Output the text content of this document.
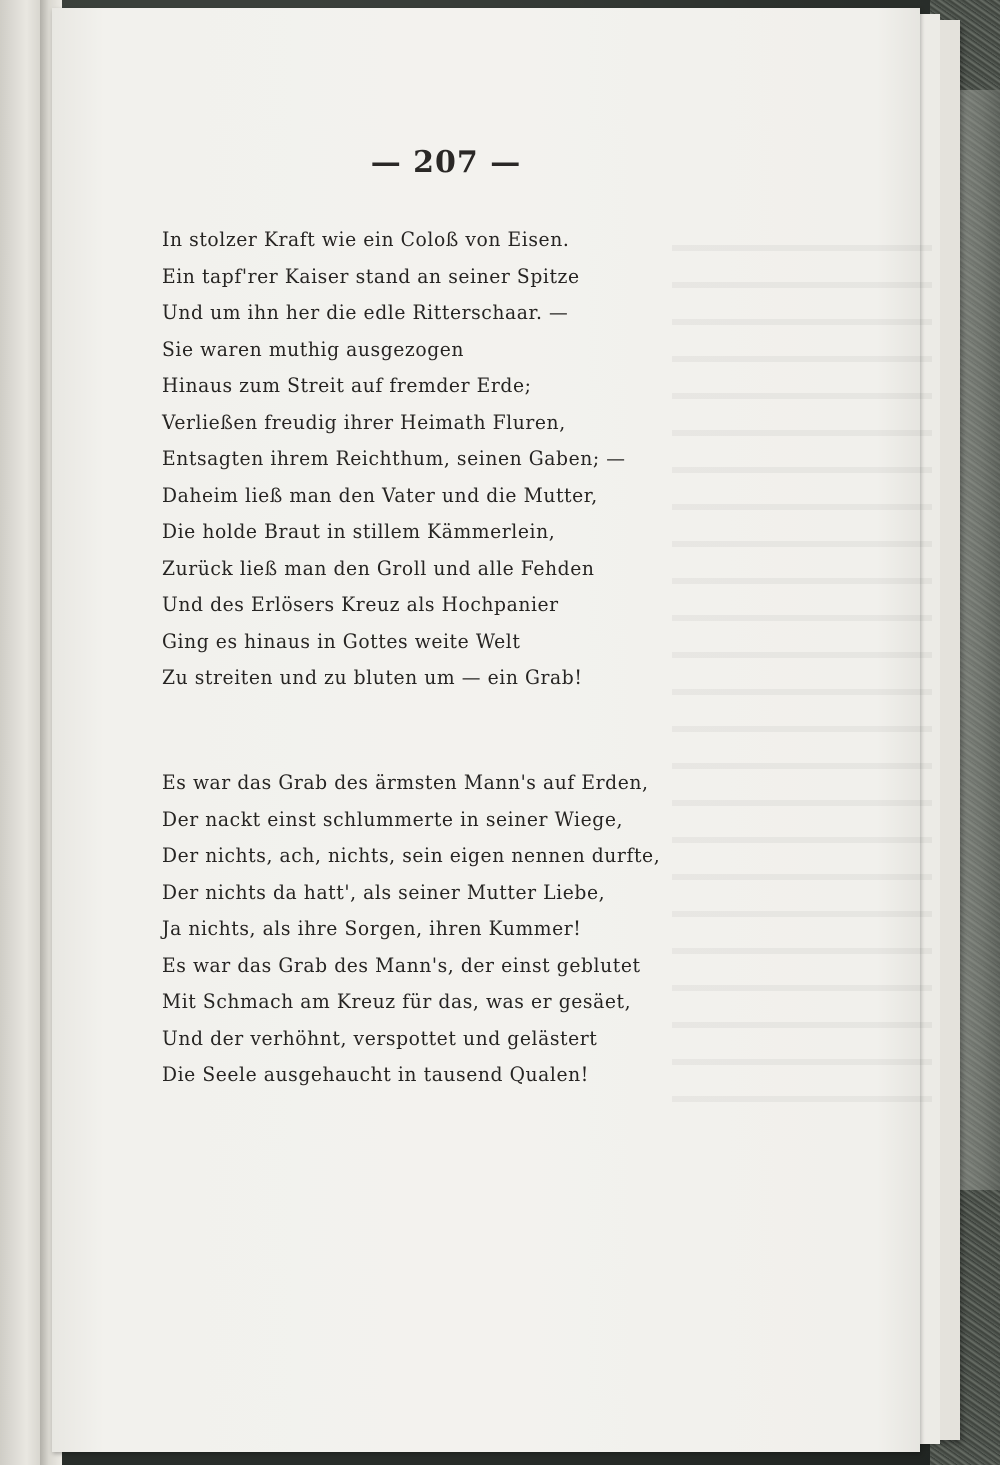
— 207 —
In stolzer Kraft wie ein Coloß von Eisen.
Ein tapf'rer Kaiser stand an seiner Spitze
Und um ihn her die edle Ritterschaar. —
Sie waren muthig ausgezogen
Hinaus zum Streit auf fremder Erde;
Verließen freudig ihrer Heimath Fluren,
Entsagten ihrem Reichthum, seinen Gaben; —
Daheim ließ man den Vater und die Mutter,
Die holde Braut in stillem Kämmerlein,
Zurück ließ man den Groll und alle Fehden
Und des Erlösers Kreuz als Hochpanier
Ging es hinaus in Gottes weite Welt
Zu streiten und zu bluten um — ein Grab!
Es war das Grab des ärmsten Mann's auf Erden,
Der nackt einst schlummerte in seiner Wiege,
Der nichts, ach, nichts, sein eigen nennen durfte,
Der nichts da hatt', als seiner Mutter Liebe,
Ja nichts, als ihre Sorgen, ihren Kummer!
Es war das Grab des Mann's, der einst geblutet
Mit Schmach am Kreuz für das, was er gesäet,
Und der verhöhnt, verspottet und gelästert
Die Seele ausgehaucht in tausend Qualen!
